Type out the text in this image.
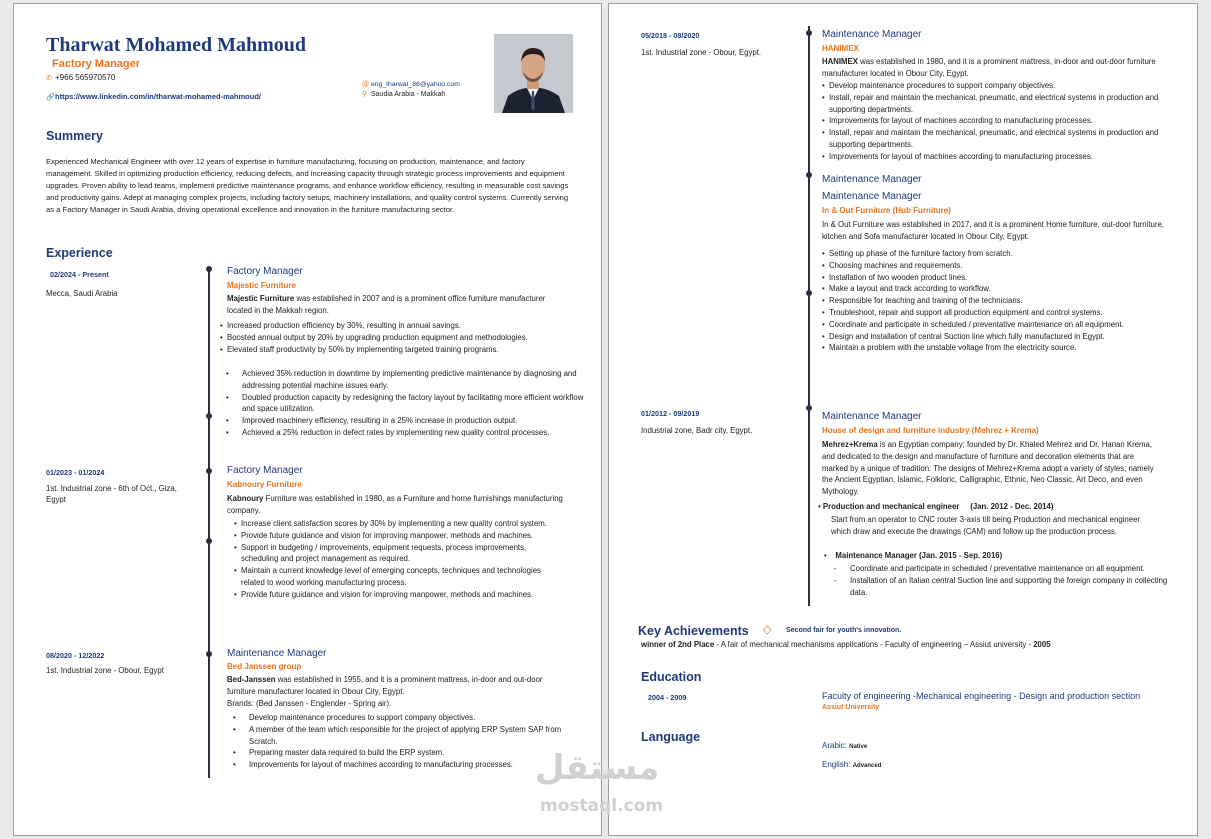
Tharwat Mohamed Mahmoud
Factory Manager
✆ +966 565970570
🔗https://www.linkedin.com/in/tharwat-mohamed-mahmoud/
@ eng_tharwat_86@yahoo.com
⚲ Saudia Arabia - Makkah
Summery
Experienced Mechanical Engineer with over 12 years of expertise in furniture manufacturing, focusing on production, maintenance, and factory management. Skilled in optimizing production efficiency, reducing defects, and increasing capacity through strategic process improvements and equipment upgrades. Proven ability to lead teams, implement predictive maintenance programs, and enhance workflow efficiency, resulting in measurable cost savings and productivity gains. Adept at managing complex projects, including factory setups, machinery installations, and quality control systems. Currently serving as a Factory Manager in Saudi Arabia, driving operational excellence and innovation in the furniture manufacturing sector.
Experience
02/2024 - Present
Mecca, Saudi Arabia
Factory Manager
Majestic Furniture
Majestic Furniture was established in 2007 and is a prominent office furniture manufacturer located in the Makkah region.
• Increased production efficiency by 30%, resulting in annual savings.
• Boosted annual output by 20% by upgrading production equipment and methodologies.
• Elevated staff productivity by 50% by implementing targeted training programs.
• Achieved 35% reduction in downtime by implementing predictive maintenance by diagnosing and addressing potential machine issues early.
• Doubled production capacity by redesigning the factory layout by facilitating more efficient workflow and space utilization.
• Improved machinery efficiency, resulting in a 25% increase in production output.
• Achieved a 25% reduction in defect rates by implementing new quality control processes.
01/2023 - 01/2024
1st. Industrial zone - 6th of Oct., Giza, Egypt
Factory Manager
Kabnoury Furniture
Kabnoury Furniture was established in 1980, as a Furniture and home furnishings manufacturing company.
• Increase client satisfaction scores by 30% by implementing a new quality control system.
• Provide future guidance and vision for improving manpower, methods and machines.
• Support in budgeting / improvements, equipment requests, process improvements, scheduling and project management as required.
• Maintain a current knowledge level of emerging concepts, techniques and technologies related to wood working manufacturing process.
• Provide future guidance and vision for improving manpower, methods and machines.
08/2020 - 12/2022
1st. Industrial zone - Obour, Egypt
Maintenance Manager
Bed Janssen group
Bed-Janssen was established in 1955, and it is a prominent mattress, in-door and out-door furniture manufacturer located in Obour City, Egypt.
Brands: (Bed Janssen - Englender - Spring air).
• Develop maintenance procedures to support company objectives.
• A member of the team which responsible for the project of applying ERP System SAP from Scratch.
• Preparing master data required to build the ERP system.
• Improvements for layout of machines according to manufacturing processes.
05/2018 - 08/2020
1st. Industrial zone - Obour, Egypt.
Maintenance Manager
HANIMEX
HANIMEX was established in 1980, and it is a prominent mattress, in-door and out-door furniture manufacturer located in Obour City, Egypt.
• Develop maintenance procedures to support company objectives.
• Install, repair and maintain the mechanical, pneumatic, and electrical systems in production and supporting departments.
• Improvements for layout of machines according to manufacturing processes.
• Install, repair and maintain the mechanical, pneumatic, and electrical systems in production and supporting departments.
• Improvements for layout of machines according to manufacturing processes.
Maintenance Manager
Maintenance Manager
In & Out Furniture (Hub Furniture)
In & Out Furniture was established in 2017, and it is a prominent Home furniture, out-door furniture, kitchen and Sofa manufacturer located in Obour City, Egypt.
• Setting up phase of the furniture factory from scratch.
• Choosing machines and requirements.
• Installation of two wooden product lines.
• Make a layout and track according to workflow.
• Responsible for teaching and training of the technicians.
• Troubleshoot, repair and support all production equipment and control systems.
• Coordinate and participate in scheduled / preventative maintenance on all equipment.
• Design and installation of central Suction line which fully manufactured in Egypt.
• Maintain a problem with the unstable voltage from the electricity source.
01/2012 - 09/2019
Industrial zone, Badr city, Egypt.
Maintenance Manager
House of design and furniture industry (Mehrez + Krema)
Mehrez+Krema is an Egyptian company; founded by Dr. Khaled Mehrez and Dr. Hanan Krema, and dedicated to the design and manufacture of furniture and decoration elements that are marked by a unique of tradition. The designs of Mehrez+Krema adopt a variety of styles; namely the Ancient Egyptian, Islamic, Folkloric, Calligraphic, Ethnic, Neo Classic, Art Deco, and even Mythology.
• Production and mechanical engineer (Jan. 2012 - Dec. 2014)
Start from an operator to CNC router 3-axis till being Production and mechanical engineer which draw and execute the drawings (CAM) and follow up the production process.
•    Maintenance Manager (Jan. 2015 - Sep. 2016)
- Coordinate and participate in scheduled / preventative maintenance on all equipment.
- Installation of an Italian central Suction line and supporting the foreign company in collecting data.
Key Achievements ◇ Second fair for youth's innovation.
winner of 2nd Place - A fair of mechanical mechanisms applications - Faculty of engineering – Assiut university - 2005
Education
2004 - 2009	Faculty of engineering -Mechanical engineering - Design and production section
Assiut University
Language
Arabic: Native
English: Advanced
مستقل
mostaql.com
